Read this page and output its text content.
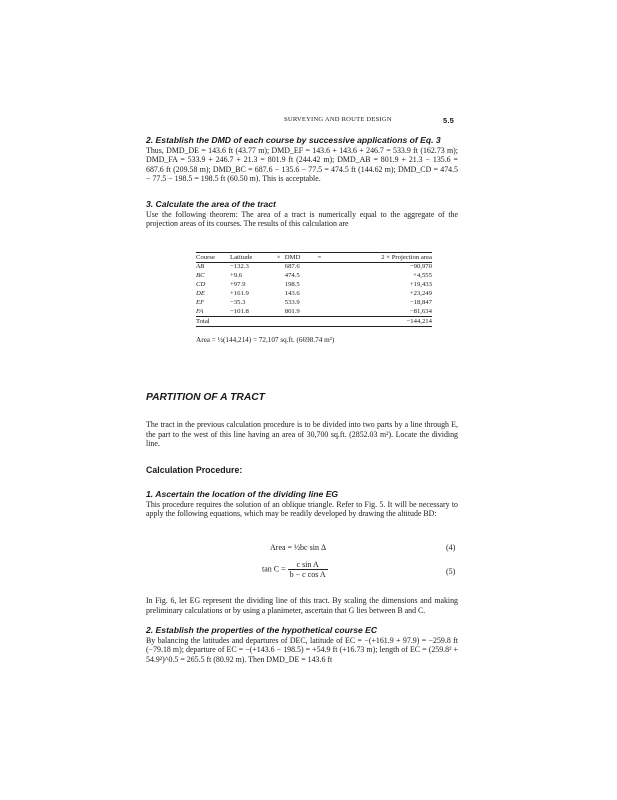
SURVEYING AND ROUTE DESIGN	5.5
2. Establish the DMD of each course by successive applications of Eq. 3
Thus, DMD_DE = 143.6 ft (43.77 m); DMD_EF = 143.6 + 143.6 + 246.7 = 533.9 ft (162.73 m); DMD_FA = 533.9 + 246.7 + 21.3 = 801.9 ft (244.42 m); DMD_AB = 801.9 + 21.3 − 135.6 = 687.6 ft (209.58 m); DMD_BC = 687.6 − 135.6 − 77.5 = 474.5 ft (144.62 m); DMD_CD = 474.5 − 77.5 − 198.5 = 198.5 ft (60.50 m). This is acceptable.
3. Calculate the area of the tract
Use the following theorem: The area of a tract is numerically equal to the aggregate of the projection areas of its courses. The results of this calculation are
Course	Latitude	×	DMD	=	2 × Projection area
AB	−132.3		687.6		−90,970
BC	+9.6		474.5		+4,555
CD	+97.9		198.5		+19,433
DE	+161.9		143.6		+23,249
EF	−35.3		533.9		−18,847
FA	−101.8		801.9		−81,634
Total					−144,214
Area = ½(144,214) = 72,107 sq.ft. (6698.74 m²)
PARTITION OF A TRACT
The tract in the previous calculation procedure is to be divided into two parts by a line through E, the part to the west of this line having an area of 30,700 sq.ft. (2852.03 m²). Locate the dividing line.
Calculation Procedure:
1. Ascertain the location of the dividing line EG
This procedure requires the solution of an oblique triangle. Refer to Fig. 5. It will be necessary to apply the following equations, which may be readily developed by drawing the altitude BD:
Area = ½bc sin Δ	(4)
$\tan C = \frac{\text{c sin A}}{\text{b − c cos A}}$	(5)
In Fig. 6, let EG represent the dividing line of this tract. By scaling the dimensions and making preliminary calculations or by using a planimeter, ascertain that G lies between B and C.
2. Establish the properties of the hypothetical course EC
By balancing the latitudes and departures of DEC, latitude of EC = −(+161.9 + 97.9) = −259.8 ft (−79.18 m); departure of EC = −(+143.6 − 198.5) = +54.9 ft (+16.73 m); length of EC = (259.8² + 54.9²)^0.5 = 265.5 ft (80.92 m). Then DMD_DE = 143.6 ft
